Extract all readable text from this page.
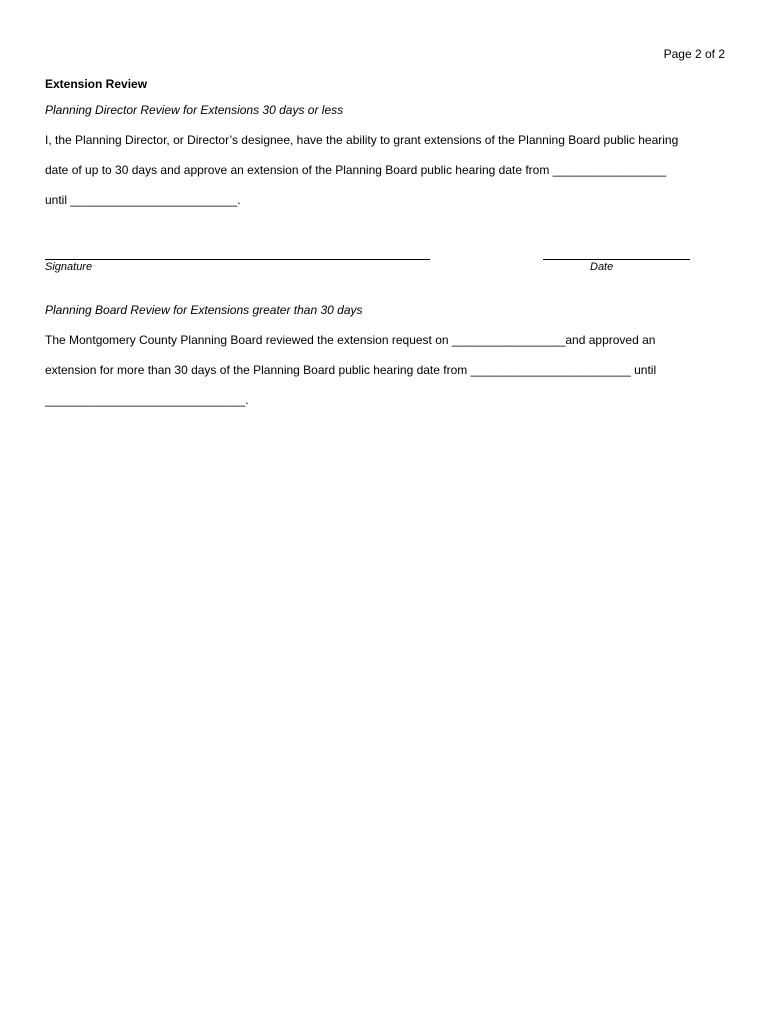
Page 2 of 2
Extension Review
Planning Director Review for Extensions 30 days or less
I, the Planning Director, or Director’s designee, have the ability to grant extensions of the Planning Board public hearing
date of up to 30 days and approve an extension of the Planning Board public hearing date from _________________
until _________________________.
Signature	Date
Planning Board Review for Extensions greater than 30 days
The Montgomery County Planning Board reviewed the extension request on _________________and approved an
extension for more than 30 days of the Planning Board public hearing date from ________________________ until
______________________________.
